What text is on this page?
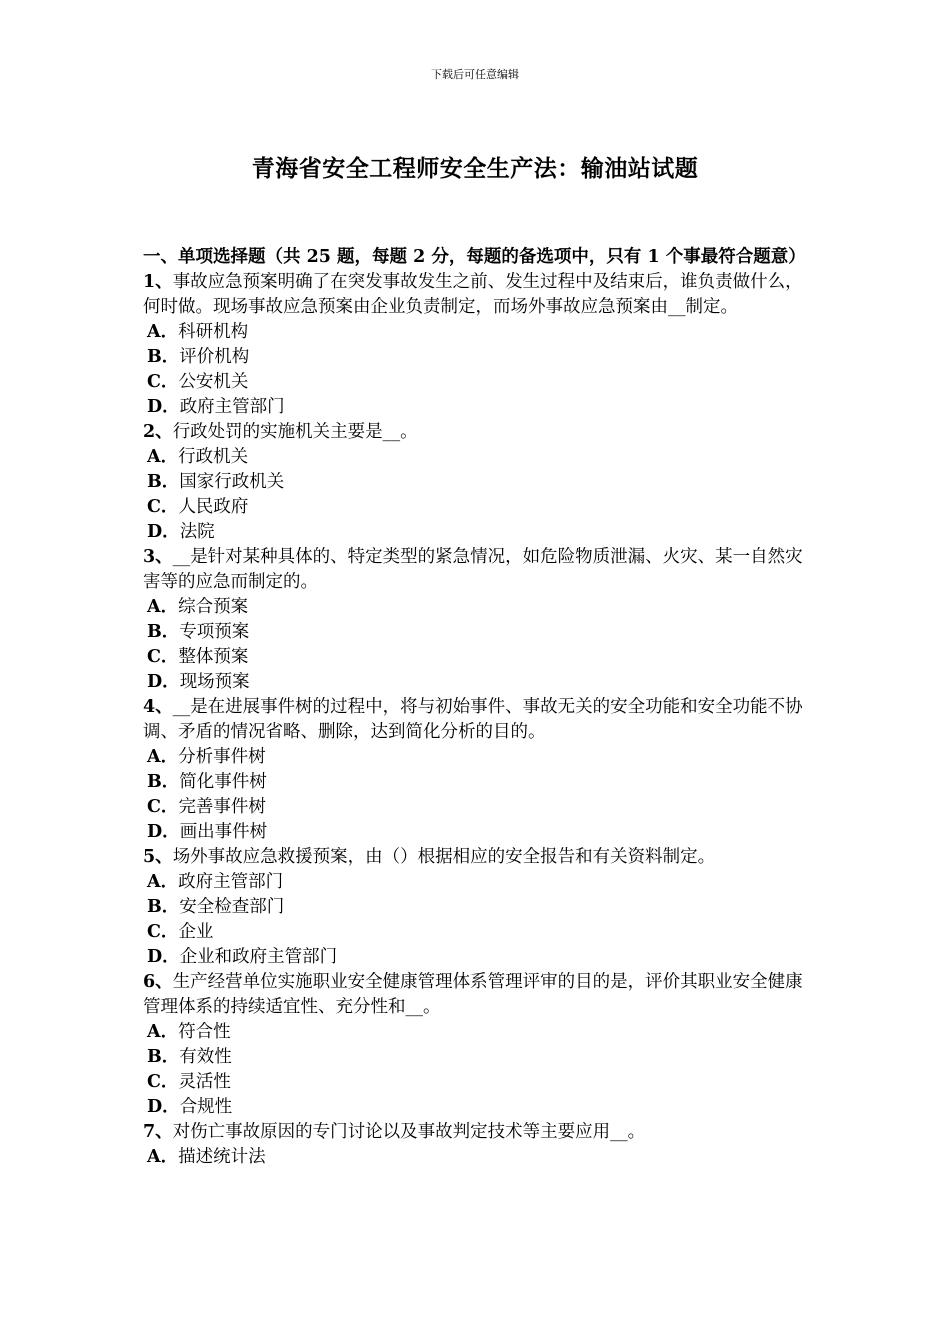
下载后可任意编辑
青海省安全工程师安全生产法：输油站试题

一、单项选择题（共 25 题，每题 2 分，每题的备选项中，只有 1 个事最符合题意）

1、事故应急预案明确了在突发事故发生之前、发生过程中及结束后，谁负责做什么，何时做。现场事故应急预案由企业负责制定，而场外事故应急预案由__制定。

A．科研机构

B．评价机构

C．公安机关

D．政府主管部门

2、行政处罚的实施机关主要是__。

A．行政机关

B．国家行政机关

C．人民政府

D．法院

3、__是针对某种具体的、特定类型的紧急情况，如危险物质泄漏、火灾、某一自然灾害等的应急而制定的。

A．综合预案

B．专项预案

C．整体预案

D．现场预案

4、__是在进展事件树的过程中，将与初始事件、事故无关的安全功能和安全功能不协调、矛盾的情况省略、删除，达到简化分析的目的。

A．分析事件树

B．简化事件树

C．完善事件树

D．画出事件树

5、场外事故应急救援预案，由（）根据相应的安全报告和有关资料制定。

A．政府主管部门

B．安全检查部门

C．企业

D．企业和政府主管部门

6、生产经营单位实施职业安全健康管理体系管理评审的目的是，评价其职业安全健康管理体系的持续适宜性、充分性和__。

A．符合性

B．有效性

C．灵活性

D．合规性

7、对伤亡事故原因的专门讨论以及事故判定技术等主要应用__。

A．描述统计法
